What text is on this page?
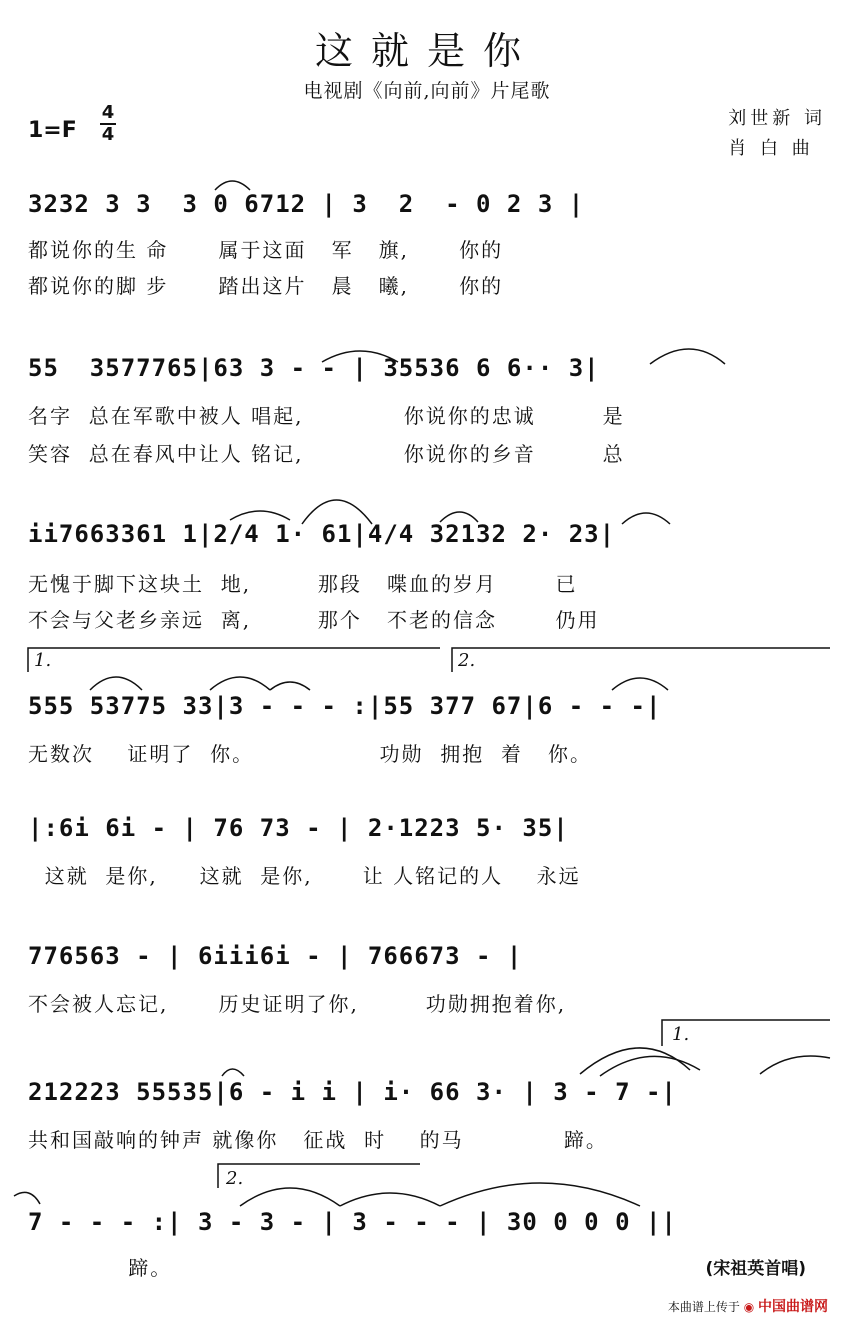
这就是你
电视剧《向前,向前》片尾歌
1=F
4
4
刘世新 词
肖 白 曲
3232 3 3  3 0 6712 | 3  2  - 0 2 3 |
都说你的生 命      属于这面   军   旗,      你的
都说你的脚 步      踏出这片   晨   曦,      你的
55  3577765|63 3 - - | 35536 6 6·· 3|
名字  总在军歌中被人 唱起,            你说你的忠诚        是
笑容  总在春风中让人 铭记,            你说你的乡音        总
ii7663361 1|2/4 1· 61|4/4 32132 2· 23|
无愧于脚下这块土  地,        那段   喋血的岁月       已
不会与父老乡亲远  离,        那个   不老的信念       仍用
1.	2.
555 53775 33|3 - - - :|55 377 67|6 - - -|
无数次    证明了  你。               功勋  拥抱  着   你。
|:6i 6i - | 76 73 - | 2·1223 5· 35|
这就  是你,     这就  是你,      让 人铭记的人    永远
776563 - | 6iii6i - | 766673 - |
不会被人忘记,      历史证明了你,        功勋拥抱着你,
1.
212223 55535|6 - i i | i· 66 3· | 3 - 7 -|
共和国敲响的钟声 就像你   征战  时    的马            蹄。
2.
7 - - - :| 3 - 3 - | 3 - - - | 30 0 0 0 ||
蹄。	(宋祖英首唱)
本曲谱上传于 ◉ 中国曲谱网
